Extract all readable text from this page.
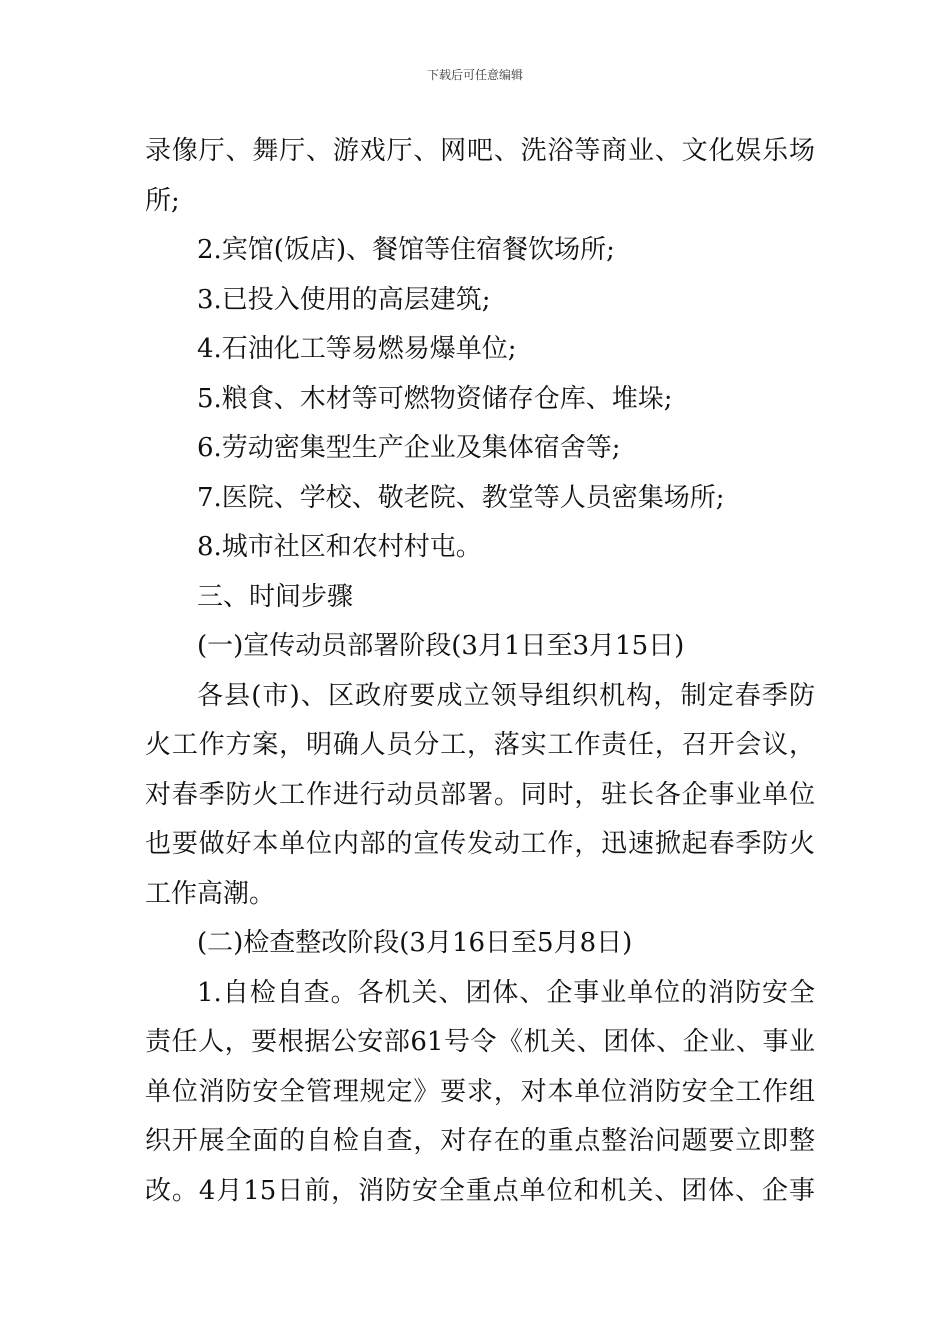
下载后可任意编辑

录像厅、舞厅、游戏厅、网吧、洗浴等商业、文化娱乐场

所;

2.宾馆(饭店)、餐馆等住宿餐饮场所;

3.已投入使用的高层建筑;

4.石油化工等易燃易爆单位;

5.粮食、木材等可燃物资储存仓库、堆垛;

6.劳动密集型生产企业及集体宿舍等;

7.医院、学校、敬老院、教堂等人员密集场所;

8.城市社区和农村村屯。

三、时间步骤

(一)宣传动员部署阶段(3月1日至3月15日)

各县(市)、区政府要成立领导组织机构，制定春季防

火工作方案，明确人员分工，落实工作责任，召开会议，

对春季防火工作进行动员部署。同时，驻长各企事业单位

也要做好本单位内部的宣传发动工作，迅速掀起春季防火

工作高潮。

(二)检查整改阶段(3月16日至5月8日)

1.自检自查。各机关、团体、企事业单位的消防安全

责任人，要根据公安部61号令《机关、团体、企业、事业

单位消防安全管理规定》要求，对本单位消防安全工作组

织开展全面的自检自查，对存在的重点整治问题要立即整

改。4月15日前，消防安全重点单位和机关、团体、企事
